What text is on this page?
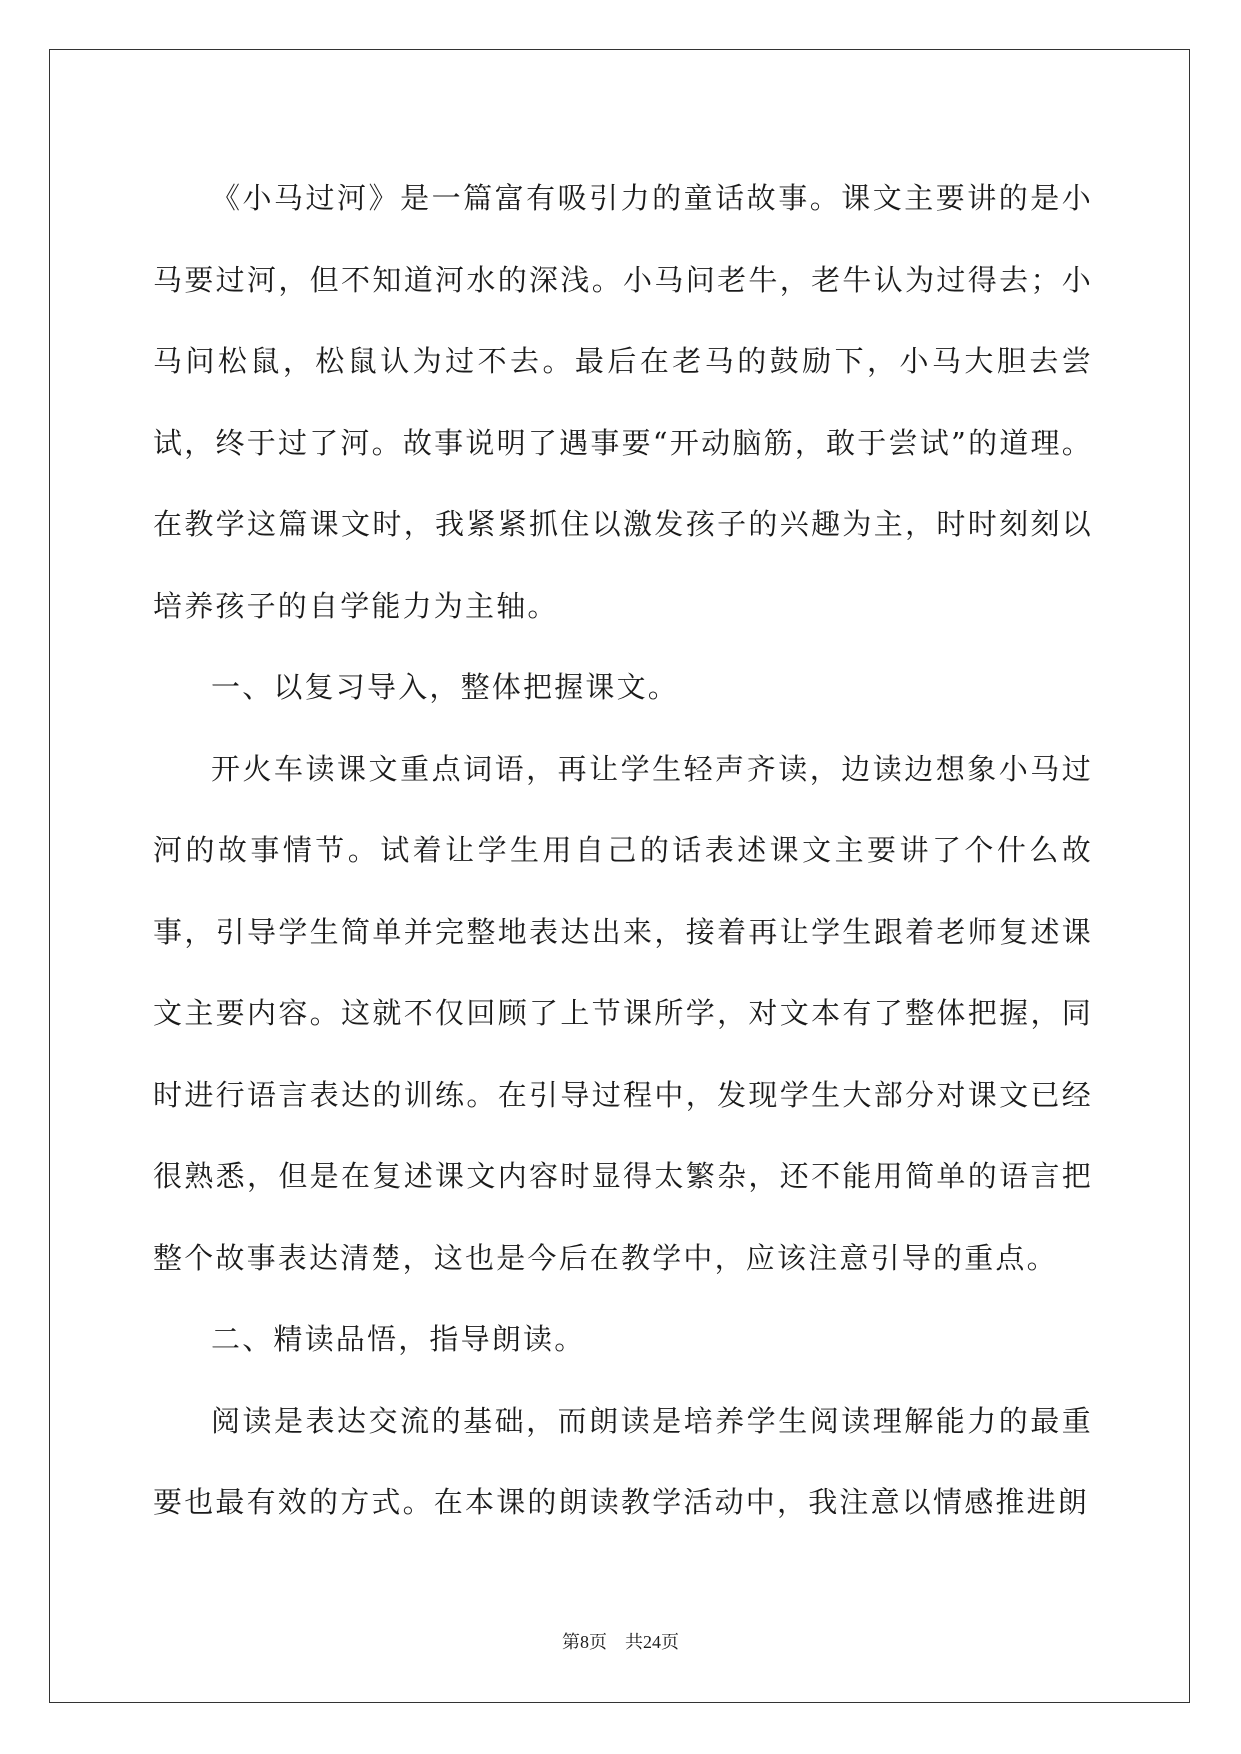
《小马过河》是一篇富有吸引力的童话故事。课文主要讲的是小马要过河，但不知道河水的深浅。小马问老牛，老牛认为过得去；小马问松鼠，松鼠认为过不去。最后在老马的鼓励下，小马大胆去尝试，终于过了河。故事说明了遇事要“开动脑筋，敢于尝试”的道理。在教学这篇课文时，我紧紧抓住以激发孩子的兴趣为主，时时刻刻以培养孩子的自学能力为主轴。

一、以复习导入，整体把握课文。

开火车读课文重点词语，再让学生轻声齐读，边读边想象小马过河的故事情节。试着让学生用自己的话表述课文主要讲了个什么故事，引导学生简单并完整地表达出来，接着再让学生跟着老师复述课文主要内容。这就不仅回顾了上节课所学，对文本有了整体把握，同时进行语言表达的训练。在引导过程中，发现学生大部分对课文已经很熟悉，但是在复述课文内容时显得太繁杂，还不能用简单的语言把整个故事表达清楚，这也是今后在教学中，应该注意引导的重点。

二、精读品悟，指导朗读。

阅读是表达交流的基础，而朗读是培养学生阅读理解能力的最重要也最有效的方式。在本课的朗读教学活动中，我注意以情感推进朗

第8页 共24页
